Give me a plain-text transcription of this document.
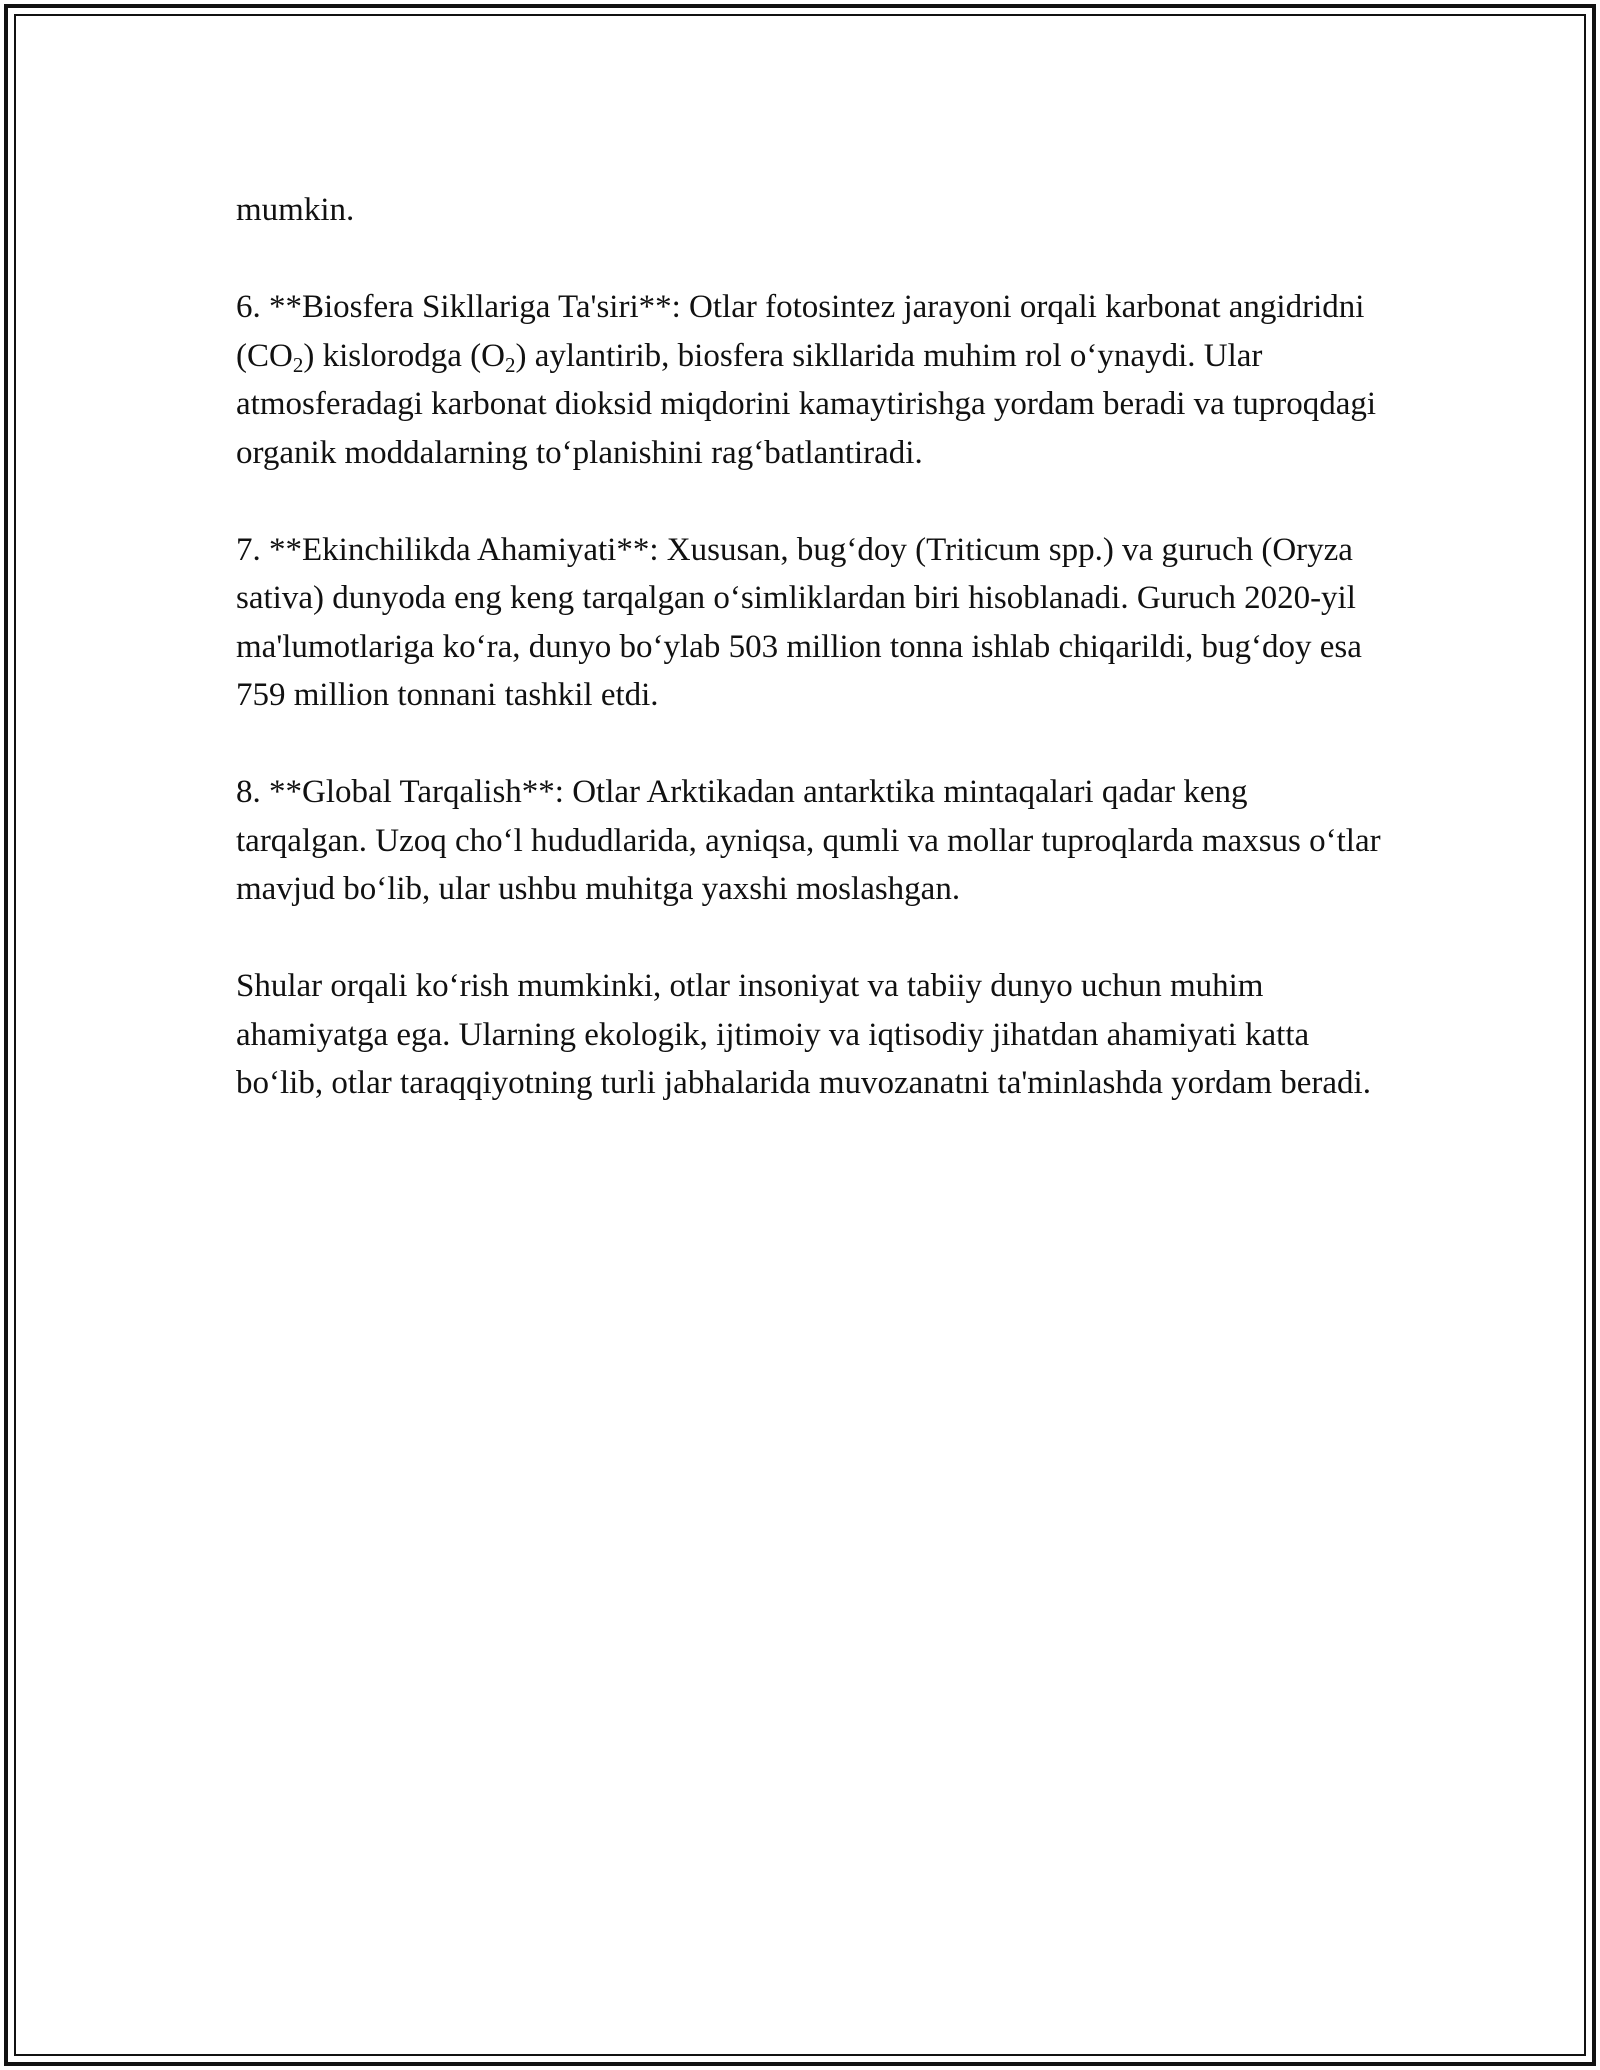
mumkin.

6. **Biosfera Sikllariga Ta'siri**: Otlar fotosintez jarayoni orqali karbonat angidridni $(CO_2)$ kislorodga $(O_2)$ aylantirib, biosfera sikllarida muhim rol o‘ynaydi. Ular atmosferadagi karbonat dioksid miqdorini kamaytirishga yordam beradi va tuproqdagi organik moddalarning to‘planishini rag‘batlantiradi.

7. **Ekinchilikda Ahamiyati**: Xususan, bug‘doy (Triticum spp.) va guruch (Oryza sativa) dunyoda eng keng tarqalgan o‘simliklardan biri hisoblanadi. Guruch 2020-yil ma'lumotlariga ko‘ra, dunyo bo‘ylab 503 million tonna ishlab chiqarildi, bug‘doy esa 759 million tonnani tashkil etdi.

8. **Global Tarqalish**: Otlar Arktikadan antarktika mintaqalari qadar keng tarqalgan. Uzoq cho‘l hududlarida, ayniqsa, qumli va mollar tuproqlarda maxsus o‘tlar mavjud bo‘lib, ular ushbu muhitga yaxshi moslashgan.

Shular orqali ko‘rish mumkinki, otlar insoniyat va tabiiy dunyo uchun muhim ahamiyatga ega. Ularning ekologik, ijtimoiy va iqtisodiy jihatdan ahamiyati katta bo‘lib, otlar taraqqiyotning turli jabhalarida muvozanatni ta'minlashda yordam beradi.
